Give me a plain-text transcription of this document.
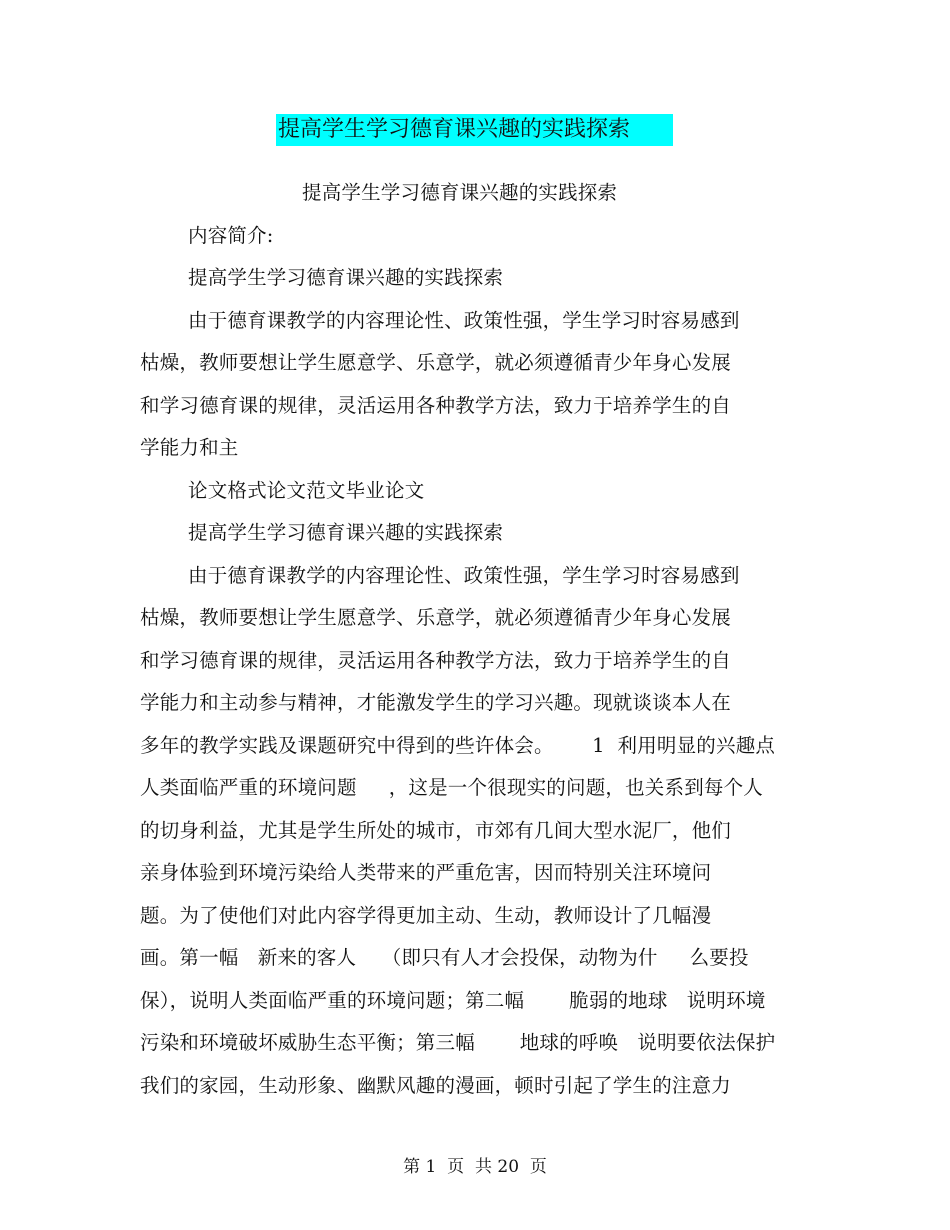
提高学生学习德育课兴趣的实践探索
提高学生学习德育课兴趣的实践探索
内容简介:
提高学生学习德育课兴趣的实践探索
由于德育课教学的内容理论性、政策性强，学生学习时容易感到
枯燥，教师要想让学生愿意学、乐意学，就必须遵循青少年身心发展
和学习德育课的规律，灵活运用各种教学方法，致力于培养学生的自
学能力和主
论文格式论文范文毕业论文
提高学生学习德育课兴趣的实践探索
由于德育课教学的内容理论性、政策性强，学生学习时容易感到
枯燥，教师要想让学生愿意学、乐意学，就必须遵循青少年身心发展
和学习德育课的规律，灵活运用各种教学方法，致力于培养学生的自
学能力和主动参与精神，才能激发学生的学习兴趣。现就谈谈本人在
多年的教学实践及课题研究中得到的些许体会。      1  利用明显的兴趣点
人类面临严重的环境问题     ，这是一个很现实的问题，也关系到每个人
的切身利益，尤其是学生所处的城市，市郊有几间大型水泥厂，他们
亲身体验到环境污染给人类带来的严重危害，因而特别关注环境问
题。为了使他们对此内容学得更加主动、生动，教师设计了几幅漫
画。第一幅   新来的客人    （即只有人才会投保，动物为什     么要投
保），说明人类面临严重的环境问题；第二幅       脆弱的地球   说明环境
污染和环境破坏威胁生态平衡；第三幅       地球的呼唤   说明要依法保护
我们的家园，生动形象、幽默风趣的漫画，顿时引起了学生的注意力
第 1  页  共 20  页
